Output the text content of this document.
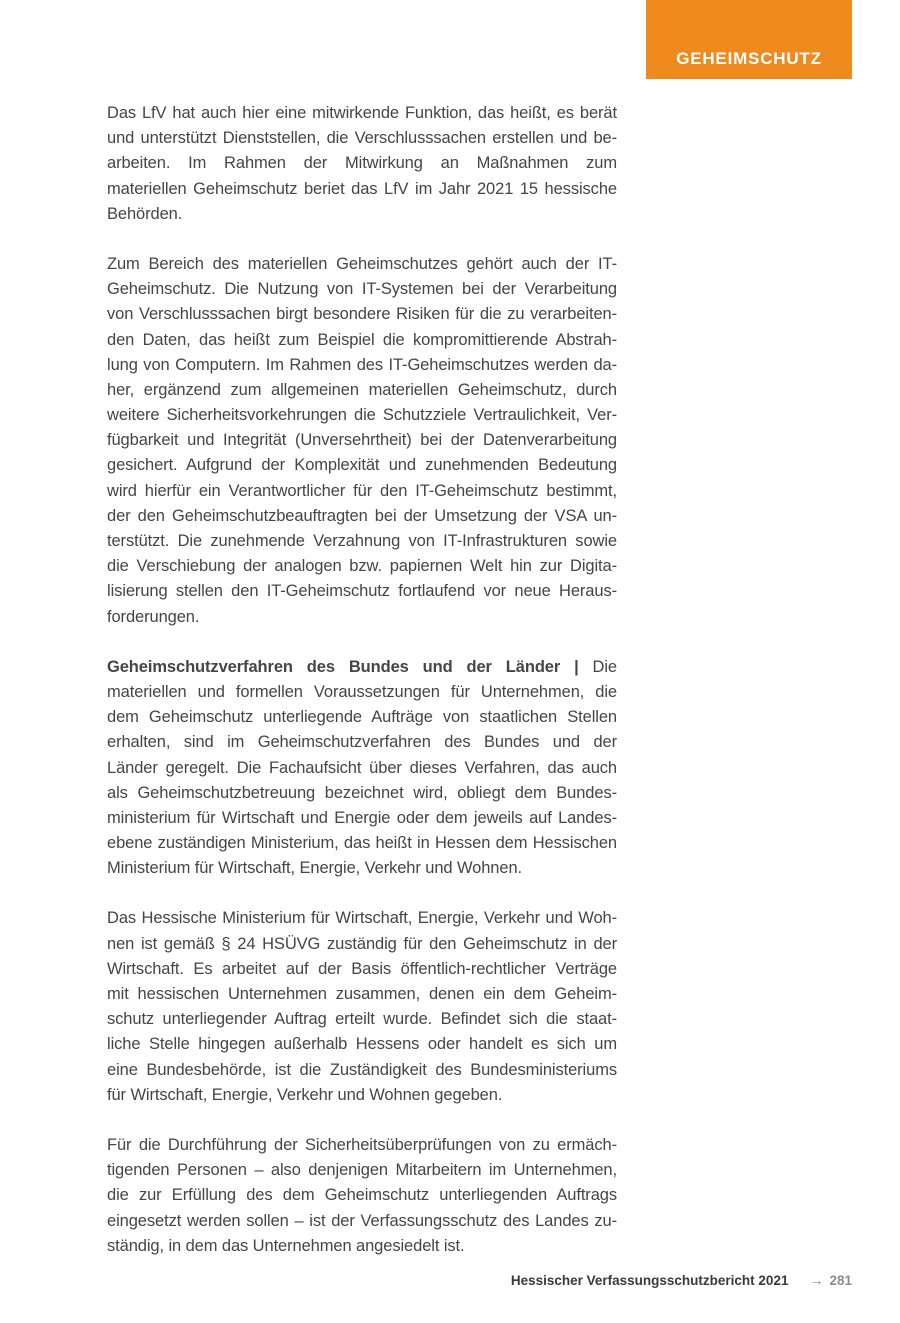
GEHEIMSCHUTZ
Das LfV hat auch hier eine mitwirkende Funktion, das heißt, es berät
und unterstützt Dienststellen, die Verschlusssachen erstellen und be-
arbeiten. Im Rahmen der Mitwirkung an Maßnahmen zum
materiellen Geheimschutz beriet das LfV im Jahr 2021 15 hessische
Behörden.
Zum Bereich des materiellen Geheimschutzes gehört auch der IT-
Geheimschutz. Die Nutzung von IT-Systemen bei der Verarbeitung
von Verschlusssachen birgt besondere Risiken für die zu verarbeiten-
den Daten, das heißt zum Beispiel die kompromittierende Abstrah-
lung von Computern. Im Rahmen des IT-Geheimschutzes werden da-
her, ergänzend zum allgemeinen materiellen Geheimschutz, durch
weitere Sicherheitsvorkehrungen die Schutzziele Vertraulichkeit, Ver-
fügbarkeit und Integrität (Unversehrtheit) bei der Datenverarbeitung
gesichert. Aufgrund der Komplexität und zunehmenden Bedeutung
wird hierfür ein Verantwortlicher für den IT-Geheimschutz bestimmt,
der den Geheimschutzbeauftragten bei der Umsetzung der VSA un-
terstützt. Die zunehmende Verzahnung von IT-Infrastrukturen sowie
die Verschiebung der analogen bzw. papiernen Welt hin zur Digita-
lisierung stellen den IT-Geheimschutz fortlaufend vor neue Heraus-
forderungen.
Geheimschutzverfahren des Bundes und der Länder | Die
materiellen und formellen Voraussetzungen für Unternehmen, die
dem Geheimschutz unterliegende Aufträge von staatlichen Stellen
erhalten, sind im Geheimschutzverfahren des Bundes und der
Länder geregelt. Die Fachaufsicht über dieses Verfahren, das auch
als Geheimschutzbetreuung bezeichnet wird, obliegt dem Bundes-
ministerium für Wirtschaft und Energie oder dem jeweils auf Landes-
ebene zuständigen Ministerium, das heißt in Hessen dem Hessischen
Ministerium für Wirtschaft, Energie, Verkehr und Wohnen.
Das Hessische Ministerium für Wirtschaft, Energie, Verkehr und Woh-
nen ist gemäß § 24 HSÜVG zuständig für den Geheimschutz in der
Wirtschaft. Es arbeitet auf der Basis öffentlich-rechtlicher Verträge
mit hessischen Unternehmen zusammen, denen ein dem Geheim-
schutz unterliegender Auftrag erteilt wurde. Befindet sich die staat-
liche Stelle hingegen außerhalb Hessens oder handelt es sich um
eine Bundesbehörde, ist die Zuständigkeit des Bundesministeriums
für Wirtschaft, Energie, Verkehr und Wohnen gegeben.
Für die Durchführung der Sicherheitsüberprüfungen von zu ermäch-
tigenden Personen – also denjenigen Mitarbeitern im Unternehmen,
die zur Erfüllung des dem Geheimschutz unterliegenden Auftrags
eingesetzt werden sollen – ist der Verfassungsschutz des Landes zu-
ständig, in dem das Unternehmen angesiedelt ist.
Hessischer Verfassungsschutzbericht 2021 → 281
